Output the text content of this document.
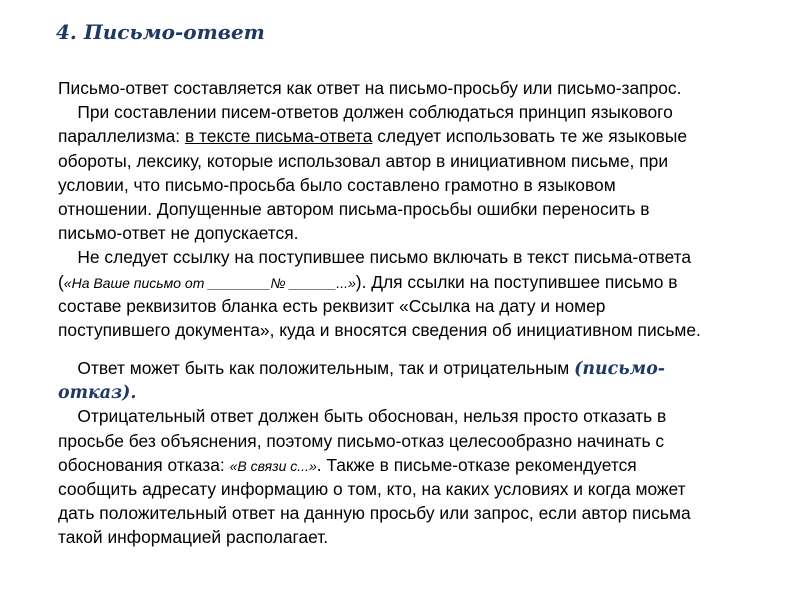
4. Письмо-ответ
Письмо-ответ составляется как ответ на письмо-просьбу или письмо-запрос.
При составлении писем-ответов должен соблюдаться принцип языкового
параллелизма: в тексте письма-ответа следует использовать те же языковые
обороты, лексику, которые использовал автор в инициативном письме, при
условии, что письмо-просьба было составлено грамотно в языковом
отношении. Допущенные автором письма-просьбы ошибки переносить в
письмо-ответ не допускается.
Не следует ссылку на поступившее письмо включать в текст письма-ответа
(«На Ваше письмо от ________№ ______...»). Для ссылки на поступившее письмо в
составе реквизитов бланка есть реквизит «Ссылка на дату и номер
поступившего документа», куда и вносятся сведения об инициативном письме.
Ответ может быть как положительным, так и отрицательным (письмо-
отказ).
Отрицательный ответ должен быть обоснован, нельзя просто отказать в
просьбе без объяснения, поэтому письмо-отказ целесообразно начинать с
обоснования отказа: «В связи с...». Также в письме-отказе рекомендуется
сообщить адресату информацию о том, кто, на каких условиях и когда может
дать положительный ответ на данную просьбу или запрос, если автор письма
такой информацией располагает.
